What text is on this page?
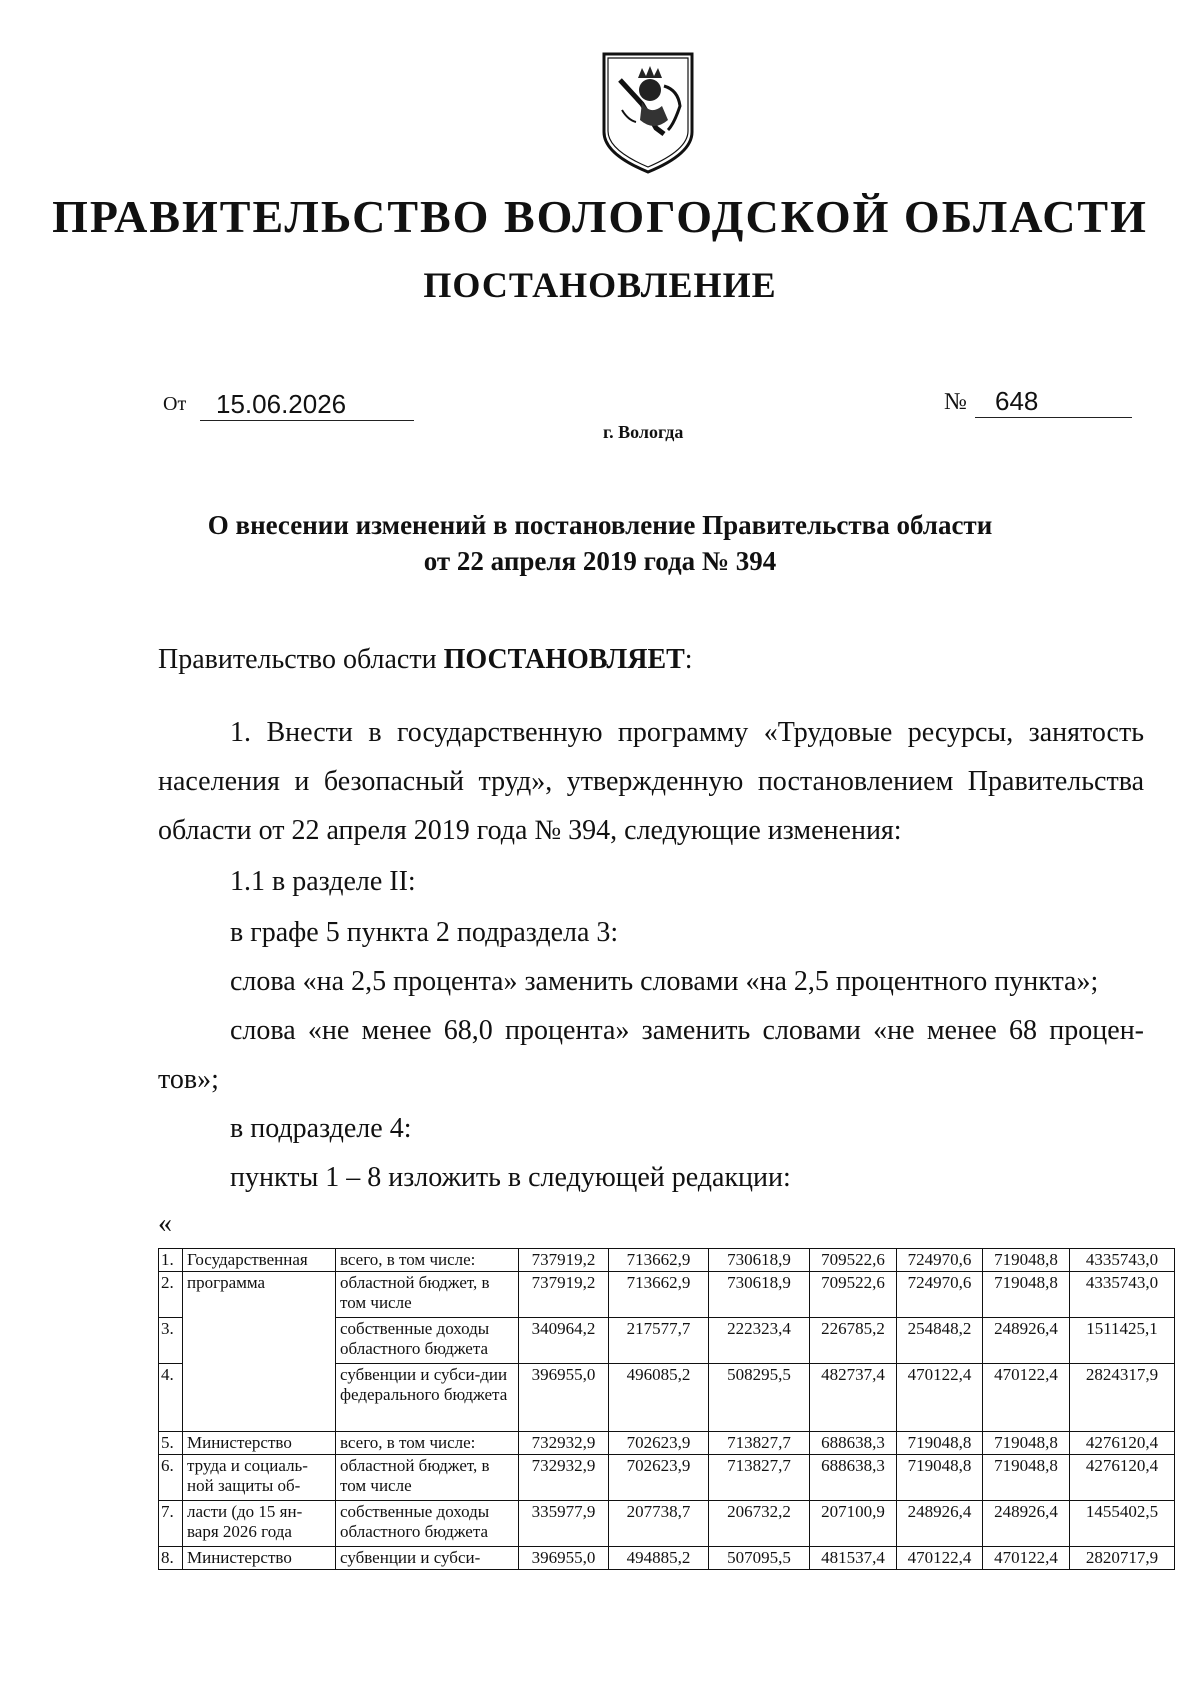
ПРАВИТЕЛЬСТВО ВОЛОГОДСКОЙ ОБЛАСТИ
ПОСТАНОВЛЕНИЕ
От	15.06.2026	№	648
г. Вологда
О внесении изменений в постановление Правительства области
от 22 апреля 2019 года № 394
Правительство области ПОСТАНОВЛЯЕТ:
1. Внести в государственную программу «Трудовые ресурсы, занятость
населения и безопасный труд», утвержденную постановлением Правительства
области от 22 апреля 2019 года № 394, следующие изменения:
1.1 в разделе II:
в графе 5 пункта 2 подраздела 3:
слова «на 2,5 процента» заменить словами «на 2,5 процентного пункта»;
слова «не менее 68,0 процента» заменить словами «не менее 68 процен-
тов»;
в подразделе 4:
пункты 1 – 8 изложить в следующей редакции:
«
1.	Государственная	всего, в том числе:	737919,2	713662,9	730618,9	709522,6	724970,6	719048,8	4335743,0
2.	программа	областной бюджет, в том числе	737919,2	713662,9	730618,9	709522,6	724970,6	719048,8	4335743,0
3.		собственные доходы областного бюджета	340964,2	217577,7	222323,4	226785,2	254848,2	248926,4	1511425,1
4.		субвенции и субси-дии федерального бюджета	396955,0	496085,2	508295,5	482737,4	470122,4	470122,4	2824317,9
5.	Министерство	всего, в том числе:	732932,9	702623,9	713827,7	688638,3	719048,8	719048,8	4276120,4
6.	труда и социаль-ной защиты об-	областной бюджет, в том числе	732932,9	702623,9	713827,7	688638,3	719048,8	719048,8	4276120,4
7.	ласти (до 15 ян-варя 2026 года	собственные доходы областного бюджета	335977,9	207738,7	206732,2	207100,9	248926,4	248926,4	1455402,5
8.	Министерство	субвенции и субси-	396955,0	494885,2	507095,5	481537,4	470122,4	470122,4	2820717,9
